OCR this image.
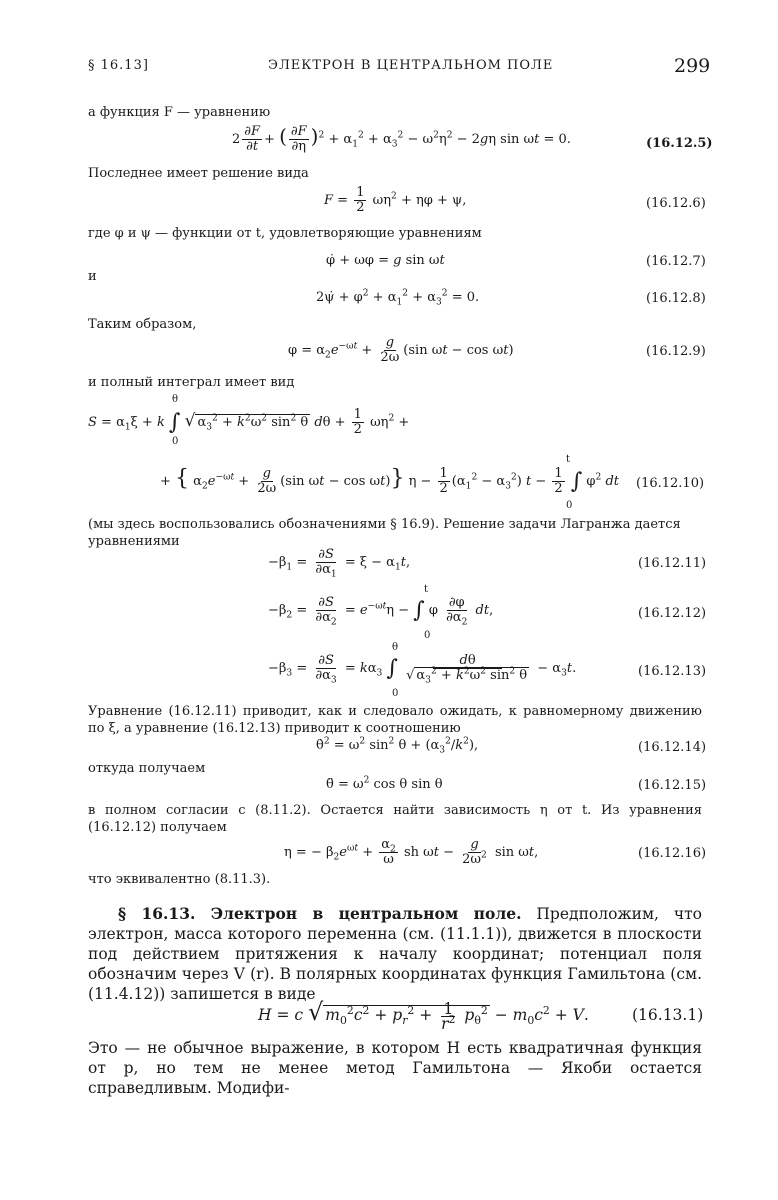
§ 16.13]	ЭЛЕКТРОН В ЦЕНТРАЛЬНОМ ПОЛЕ	299
а функция F — уравнению
$2 \frac{\partial F}{\partial t}$ + ( $\frac{\partial F}{\partial\eta} )^2 + \alpha_1^2 + \alpha_3^2 - \omega^2\eta^2 - 2g\eta$ sin ωt = 0.	(16.12.5)
Последнее имеет решение вида
$F = \frac{1}{2} \omega\eta^2 + \eta\varphi + \psi$,	(16.12.6)
где φ и ψ — функции от t, удовлетворяющие уравнениям
φ̇ + ωφ = g sin ωt	(16.12.7)
и
2ψ̇ + $\varphi^2 + \alpha_1^2 + \alpha_3^2 = 0$.	(16.12.8)
Таким образом,
$\varphi = \alpha_2e^{-\omega t} + \frac{g}{2\omega} (\sin$ ωt − cos ωt)	(16.12.9)
и полный интеграл имеет вид
θ
$S = \alpha_1\xi + k$ ∫ √ $\alpha_3^2 + k^2\omega^2$ $\sin^2 \theta$ $d\theta + \frac{1}{2} \omega\eta^2$ +
0
t
+ { $\alpha_2e^{-\omega t} + \frac{g}{2\omega} (\sin$ ωt − cos ωt)} $\eta - \frac{1}{2} (\alpha_1^2 - \alpha_3^2) t - \frac{1}{2}$ ∫ $\varphi^2$ dt
0
(16.12.10)
(мы здесь воспользовались обозначениями § 16.9). Решение задачи Лагранжа дается уравнениями
$-\beta_1 = \frac{\partial S}{\partial\alpha_1} = \xi - \alpha_1t$,	(16.12.11)
t
$-\beta_2 = \frac{\partial S}{\partial\alpha_2} = e^{-\omega t}\eta$ − ∫ φ $\frac{\partial\varphi}{\partial\alpha_2}$ dt,
0
(16.12.12)
θ
$-\beta_3 = \frac{\partial S}{\partial\alpha_3} = k\alpha_3$ ∫ $\frac{d\theta}{√ \alpha_3^2 + k^2\omega^2 \sin^2 \theta} - \alpha_3t$.
0
(16.12.13)
Уравнение (16.12.11) приводит, как и следовало ожидать, к равномерному движению по ξ, а уравнение (16.12.13) приводит к соотношению
θ̇$^2$ = $\omega^2$ $\sin^2 \theta + (\alpha_3^2/k^2)$,	(16.12.14)
откуда получаем
θ̈ = $\omega^2$ cos θ sin θ	(16.12.15)
в полном согласии с (8.11.2). Остается найти зависимость η от t. Из уравнения (16.12.12) получаем
η = − $\beta_2e^{\omega t} + \frac{\alpha_2}{\omega}$ sh $\omega t - \frac{g}{2\omega^2}$ sin ωt,	(16.12.16)
что эквивалентно (8.11.3).
§ 16.13. Электрон в центральном поле. Предположим, что электрон, масса которого переменна (см. (11.1.1)), движется в плоскости под действием притяжения к началу координат; потенциал поля обозначим через V (r). В полярных координатах функция Гамильтона (см. (11.4.12)) запишется в виде
H = c √ $m_0^2c^2 + p_r^2 + \frac{1}{r^2} p_\theta^2 - m_0c^2 + V$.	(16.13.1)
Это — не обычное выражение, в котором H есть квадратичная функция от p, но тем не менее метод Гамильтона — Якоби остается справедливым. Модифи-
